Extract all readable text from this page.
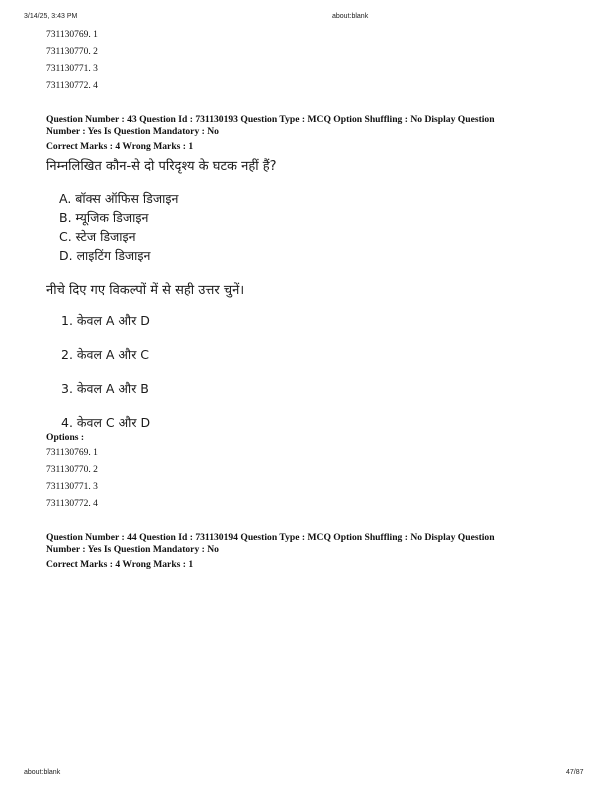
3/14/25, 3:43 PM	about:blank
731130769. 1
731130770. 2
731130771. 3
731130772. 4
Question Number : 43 Question Id : 731130193 Question Type : MCQ Option Shuffling : No Display Question
Number : Yes Is Question Mandatory : No
Correct Marks : 4 Wrong Marks : 1
निम्नलिखित कौन-से दो परिदृश्य के घटक नहीं हैं?
A. बॉक्स ऑफिस डिजाइन
B. म्यूजिक डिजाइन
C. स्टेज डिजाइन
D. लाइटिंग डिजाइन
नीचे दिए गए विकल्पों में से सही उत्तर चुनें।
1. केवल A और D
2. केवल A और C
3. केवल A और B
4. केवल C और D
Options :
731130769. 1
731130770. 2
731130771. 3
731130772. 4
Question Number : 44 Question Id : 731130194 Question Type : MCQ Option Shuffling : No Display Question
Number : Yes Is Question Mandatory : No
Correct Marks : 4 Wrong Marks : 1
about:blank	47/87
